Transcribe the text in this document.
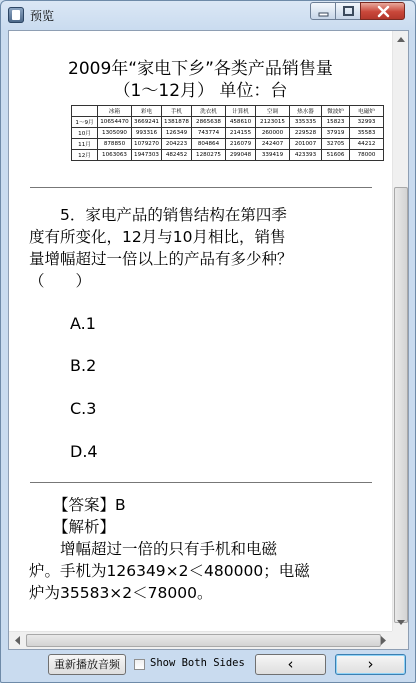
预览
2009年“家电下乡”各类产品销售量
（1～12月） 单位：台
	冰箱	彩电	手机	洗衣机	计算机	空调	热水器	微波炉	电磁炉
1～9月	10654470	3669241	1381878	2865638	458610	2123015	335335	15823	32993
10月	1305090	993316	126349	743774	214155	260000	229528	37919	35583
11月	878850	1079270	204223	804864	216079	242407	201007	32705	44212
12月	1063063	1947303	482452	1280275	299048	339419	423393	51606	78000
　　5．家电产品的销售结构在第四季
度有所变化，12月与10月相比，销售
量增幅超过一倍以上的产品有多少种？
（　　）
A.1
B.2
C.3
D.4
【答案】B
【解析】
　　增幅超过一倍的只有手机和电磁
炉。手机为126349×2＜480000；电磁
炉为35583×2＜78000。
重新播放音频	Show Both Sides	‹	›
